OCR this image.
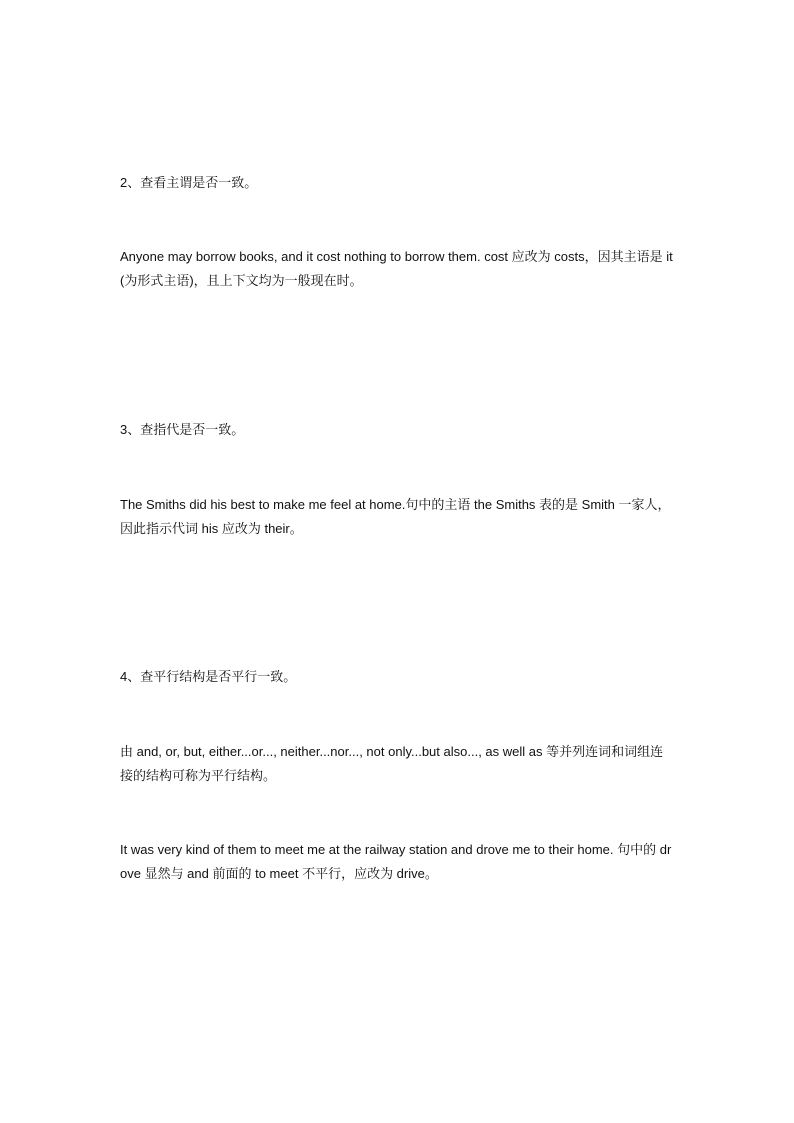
2、查看主谓是否一致。

Anyone may borrow books, and it cost nothing to borrow them. cost 应改为 costs，因其主语是 it(为形式主语)，且上下文均为一般现在时。

3、查指代是否一致。

The Smiths did his best to make me feel at home.句中的主语 the Smiths 表的是 Smith 一家人，因此指示代词 his 应改为 their。

4、查平行结构是否平行一致。

由 and, or, but, either...or..., neither...nor..., not only...but also..., as well as 等并列连词和词组连接的结构可称为平行结构。

It was very kind of them to meet me at the railway station and drove me to their home. 句中的 drove 显然与 and 前面的 to meet 不平行，应改为 drive。
